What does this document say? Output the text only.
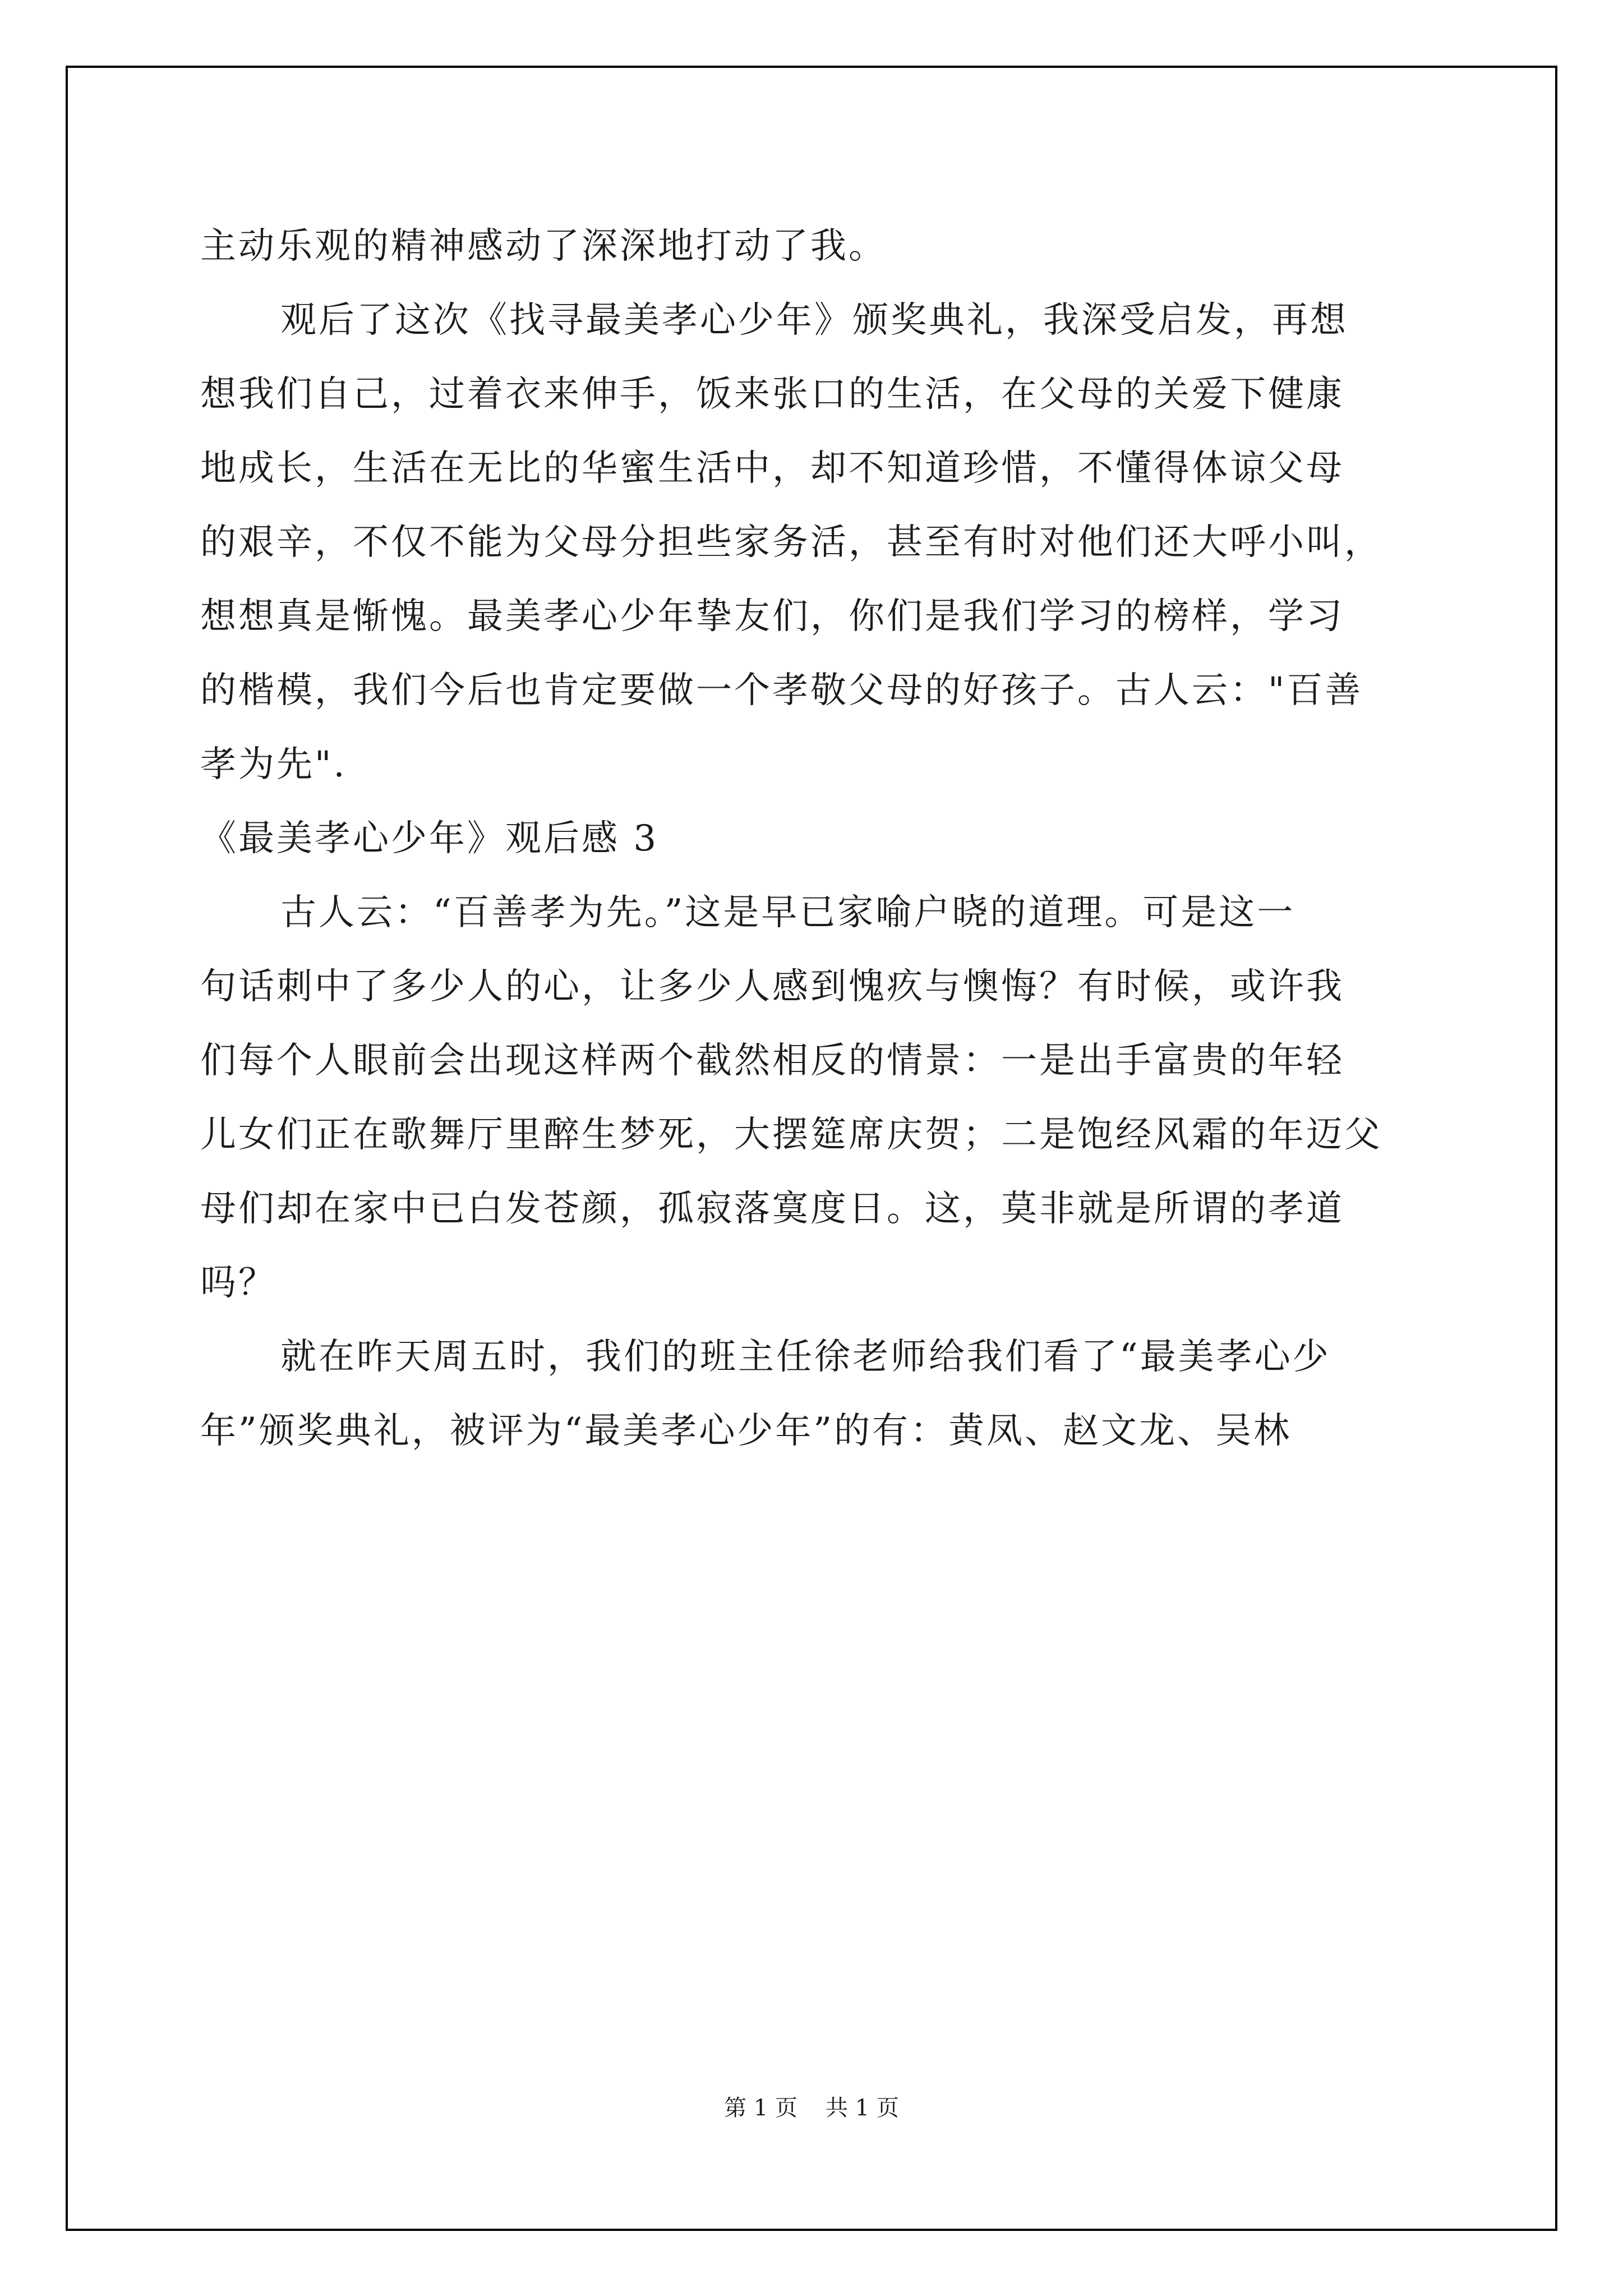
主动乐观的精神感动了深深地打动了我。

观后了这次《找寻最美孝心少年》颁奖典礼，我深受启发，再想

想我们自己，过着衣来伸手，饭来张口的生活，在父母的关爱下健康

地成长，生活在无比的华蜜生活中，却不知道珍惜，不懂得体谅父母

的艰辛，不仅不能为父母分担些家务活，甚至有时对他们还大呼小叫，

想想真是惭愧。最美孝心少年挚友们，你们是我们学习的榜样，学习

的楷模，我们今后也肯定要做一个孝敬父母的好孩子。古人云："百善

孝为先".

《最美孝心少年》观后感 3

古人云：“百善孝为先。”这是早已家喻户晓的道理。可是这一

句话刺中了多少人的心，让多少人感到愧疚与懊悔？有时候，或许我

们每个人眼前会出现这样两个截然相反的情景：一是出手富贵的年轻

儿女们正在歌舞厅里醉生梦死，大摆筵席庆贺；二是饱经风霜的年迈父

母们却在家中已白发苍颜，孤寂落寞度日。这，莫非就是所谓的孝道

吗？

就在昨天周五时，我们的班主任徐老师给我们看了“最美孝心少

年”颁奖典礼，被评为“最美孝心少年”的有：黄凤、赵文龙、吴林

第 1 页 共 1 页
